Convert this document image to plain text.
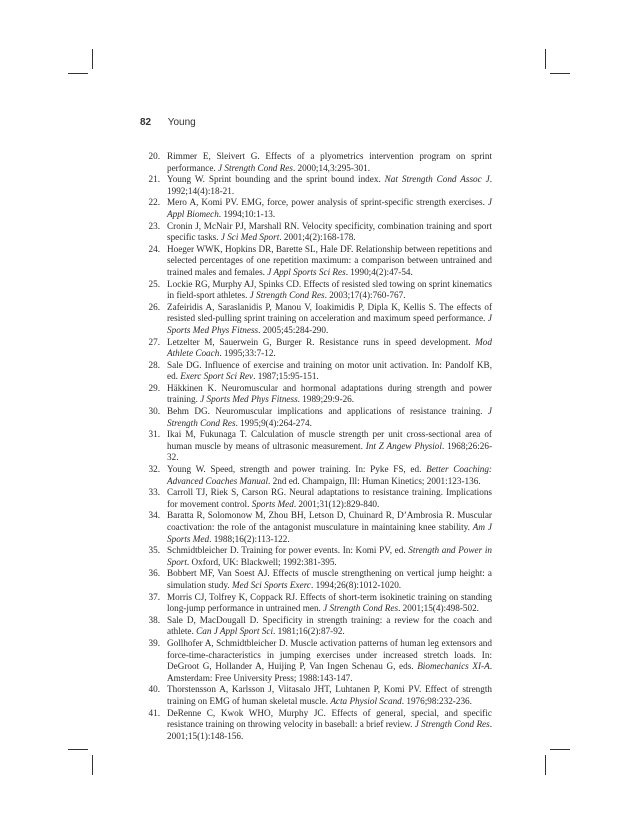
82 Young
20. Rimmer E, Sleivert G. Effects of a plyometrics intervention program on sprint performance. J Strength Cond Res. 2000;14,3:295-301.
21. Young W. Sprint bounding and the sprint bound index. Nat Strength Cond Assoc J. 1992;14(4):18-21.
22. Mero A, Komi PV. EMG, force, power analysis of sprint-specific strength exercises. J Appl Biomech. 1994;10:1-13.
23. Cronin J, McNair PJ, Marshall RN. Velocity specificity, combination training and sport specific tasks. J Sci Med Sport. 2001;4(2):168-178.
24. Hoeger WWK, Hopkins DR, Barette SL, Hale DF. Relationship between repetitions and selected percentages of one repetition maximum: a comparison between untrained and trained males and females. J Appl Sports Sci Res. 1990;4(2):47-54.
25. Lockie RG, Murphy AJ, Spinks CD. Effects of resisted sled towing on sprint kinematics in field-sport athletes. J Strength Cond Res. 2003;17(4):760-767.
26. Zafeiridis A, Saraslanidis P, Manou V, Ioakimidis P, Dipla K, Kellis S. The effects of resisted sled-pulling sprint training on acceleration and maximum speed performance. J Sports Med Phys Fitness. 2005;45:284-290.
27. Letzelter M, Sauerwein G, Burger R. Resistance runs in speed development. Mod Athlete Coach. 1995;33:7-12.
28. Sale DG. Influence of exercise and training on motor unit activation. In: Pandolf KB, ed. Exerc Sport Sci Rev. 1987;15:95-151.
29. Häkkinen K. Neuromuscular and hormonal adaptations during strength and power training. J Sports Med Phys Fitness. 1989;29:9-26.
30. Behm DG. Neuromuscular implications and applications of resistance training. J Strength Cond Res. 1995;9(4):264-274.
31. Ikai M, Fukunaga T. Calculation of muscle strength per unit cross-sectional area of human muscle by means of ultrasonic measurement. Int Z Angew Physiol. 1968;26:26-32.
32. Young W. Speed, strength and power training. In: Pyke FS, ed. Better Coaching: Advanced Coaches Manual. 2nd ed. Champaign, Ill: Human Kinetics; 2001:123-136.
33. Carroll TJ, Riek S, Carson RG. Neural adaptations to resistance training. Implications for movement control. Sports Med. 2001;31(12):829-840.
34. Baratta R, Solomonow M, Zhou BH, Letson D, Chuinard R, D’Ambrosia R. Muscular coactivation: the role of the antagonist musculature in maintaining knee stability. Am J Sports Med. 1988;16(2):113-122.
35. Schmidtbleicher D. Training for power events. In: Komi PV, ed. Strength and Power in Sport. Oxford, UK: Blackwell; 1992:381-395.
36. Bobbert MF, Van Soest AJ. Effects of muscle strengthening on vertical jump height: a simulation study. Med Sci Sports Exerc. 1994;26(8):1012-1020.
37. Morris CJ, Tolfrey K, Coppack RJ. Effects of short-term isokinetic training on standing long-jump performance in untrained men. J Strength Cond Res. 2001;15(4):498-502.
38. Sale D, MacDougall D. Specificity in strength training: a review for the coach and athlete. Can J Appl Sport Sci. 1981;16(2):87-92.
39. Gollhofer A, Schmidtbleicher D. Muscle activation patterns of human leg extensors and force-time-characteristics in jumping exercises under increased stretch loads. In: DeGroot G, Hollander A, Huijing P, Van Ingen Schenau G, eds. Biomechanics XI-A. Amsterdam: Free University Press; 1988:143-147.
40. Thorstensson A, Karlsson J, Viitasalo JHT, Luhtanen P, Komi PV. Effect of strength training on EMG of human skeletal muscle. Acta Physiol Scand. 1976;98:232-236.
41. DeRenne C, Kwok WHO, Murphy JC. Effects of general, special, and specific resistance training on throwing velocity in baseball: a brief review. J Strength Cond Res. 2001;15(1):148-156.
